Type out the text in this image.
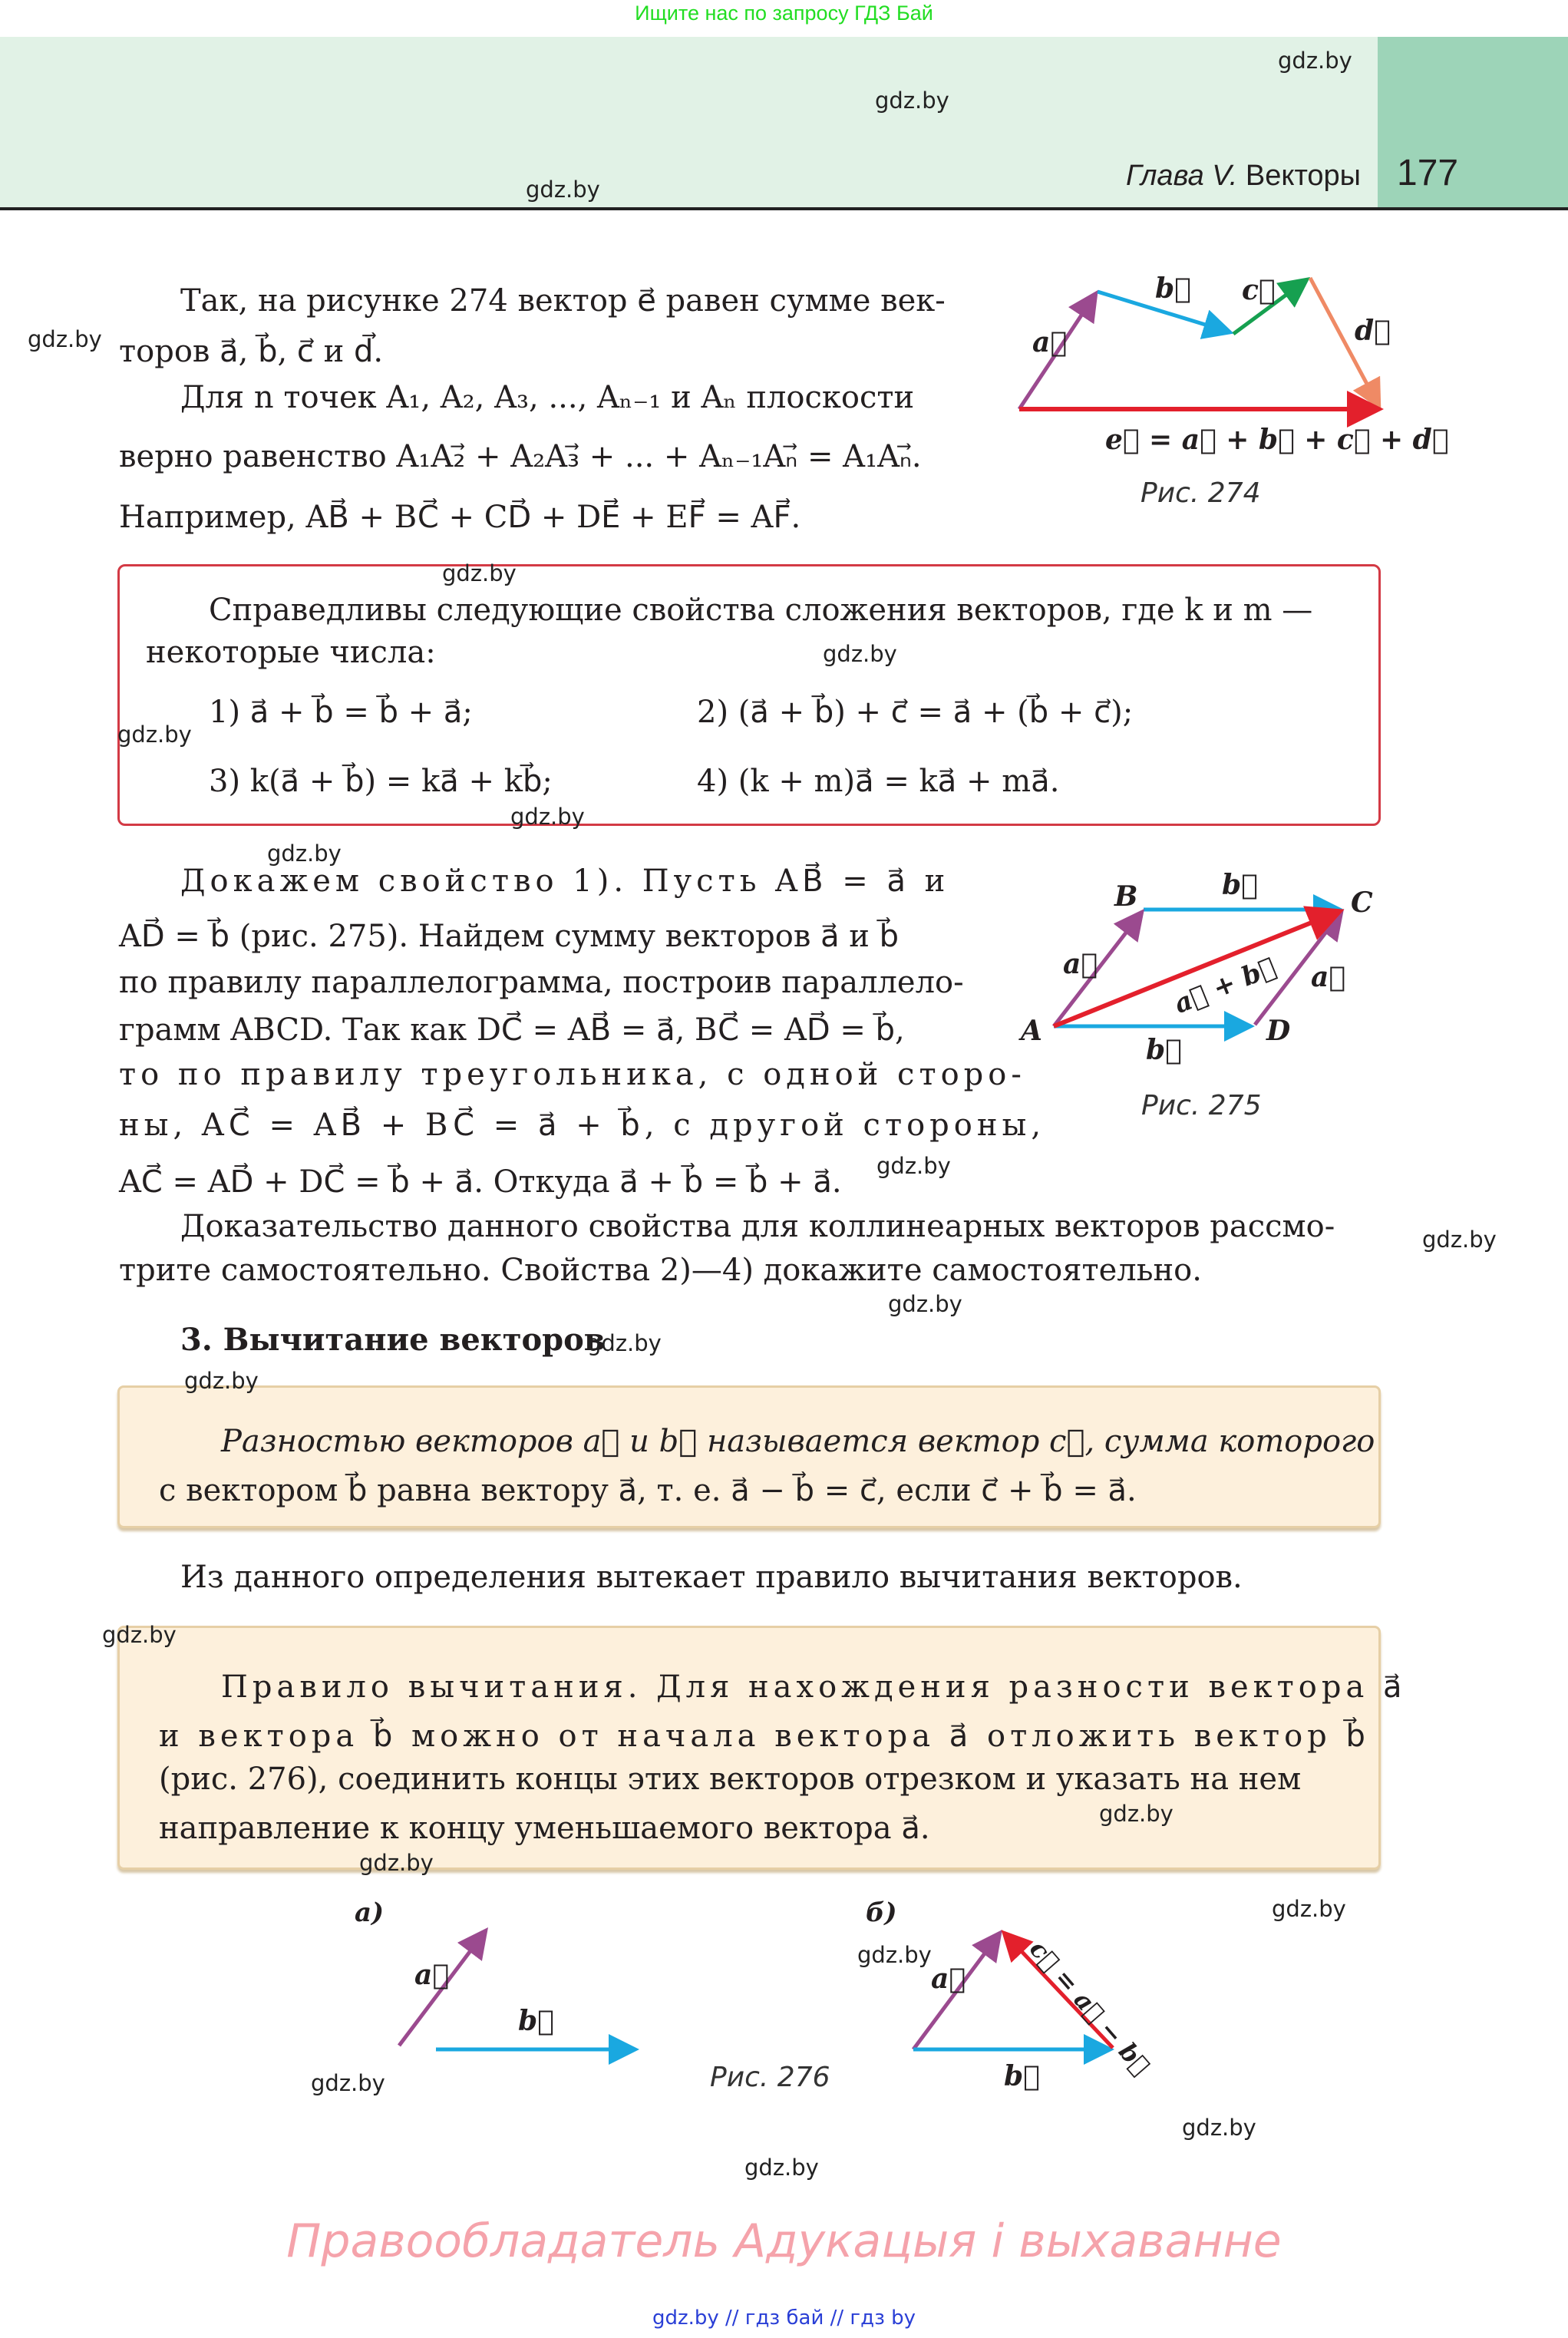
Ищите нас по запросу ГДЗ Бай
Глава V. Векторы 177
a⃗
b⃗ c⃗
d⃗
e⃗ = a⃗ + b⃗ + c⃗ + d⃗
A
B	C
D
b⃗
a⃗	a⃗ + b⃗ a⃗
b⃗
а)
a⃗
b⃗
б)
a⃗
b⃗
c⃗ = a⃗ − b⃗
gdz.by
gdz.by
gdz.by
gdz.by
gdz.by
gdz.by
gdz.by
gdz.by
gdz.by
gdz.by
gdz.by
gdz.by
gdz.by
gdz.by
gdz.by
gdz.by
gdz.by
gdz.by
gdz.by
gdz.by
gdz.by
gdz.by
Так, на рисунке 274 вектор e⃗ равен сумме век-
торов a⃗, b⃗, c⃗ и d⃗.
Для n точек A₁, A₂, A₃, ..., Aₙ₋₁ и Aₙ плоскости
верно равенство A₁A₂⃗ + A₂A₃⃗ + ... + Aₙ₋₁Aₙ⃗ = A₁Aₙ⃗.
Например, AB⃗ + BC⃗ + CD⃗ + DE⃗ + EF⃗ = AF⃗.
Рис. 274
Рис. 275
Рис. 276
Справедливы следующие свойства сложения векторов, где k и m —
некоторые числа:
1) a⃗ + b⃗ = b⃗ + a⃗;	2) (a⃗ + b⃗) + c⃗ = a⃗ + (b⃗ + c⃗);
3) k(a⃗ + b⃗) = ka⃗ + kb⃗;	4) (k + m)a⃗ = ka⃗ + ma⃗.
Докажем свойство 1). Пусть AB⃗ = a⃗ и
AD⃗ = b⃗ (рис. 275). Найдем сумму векторов a⃗ и b⃗
по правилу параллелограмма, построив параллело-
грамм ABCD. Так как DC⃗ = AB⃗ = a⃗, BC⃗ = AD⃗ = b⃗,
то по правилу треугольника, с одной сторо-
ны, AC⃗ = AB⃗ + BC⃗ = a⃗ + b⃗, с другой стороны,
AC⃗ = AD⃗ + DC⃗ = b⃗ + a⃗. Откуда a⃗ + b⃗ = b⃗ + a⃗.
Доказательство данного свойства для коллинеарных векторов рассмо-
трите самостоятельно. Свойства 2)—4) докажите самостоятельно.
3. Вычитание векторов
Разностью векторов a⃗ и b⃗ называется вектор c⃗, сумма которого
с вектором b⃗ равна вектору a⃗, т. е. a⃗ − b⃗ = c⃗, если c⃗ + b⃗ = a⃗.
Из данного определения вытекает правило вычитания векторов.
Правило вычитания. Для нахождения разности вектора a⃗
и вектора b⃗ можно от начала вектора a⃗ отложить вектор b⃗
(рис. 276), соединить концы этих векторов отрезком и указать на нем
направление к концу уменьшаемого вектора a⃗.
Правообладатель Адукацыя і выхаванне
gdz.by // гдз бай // гдз by
